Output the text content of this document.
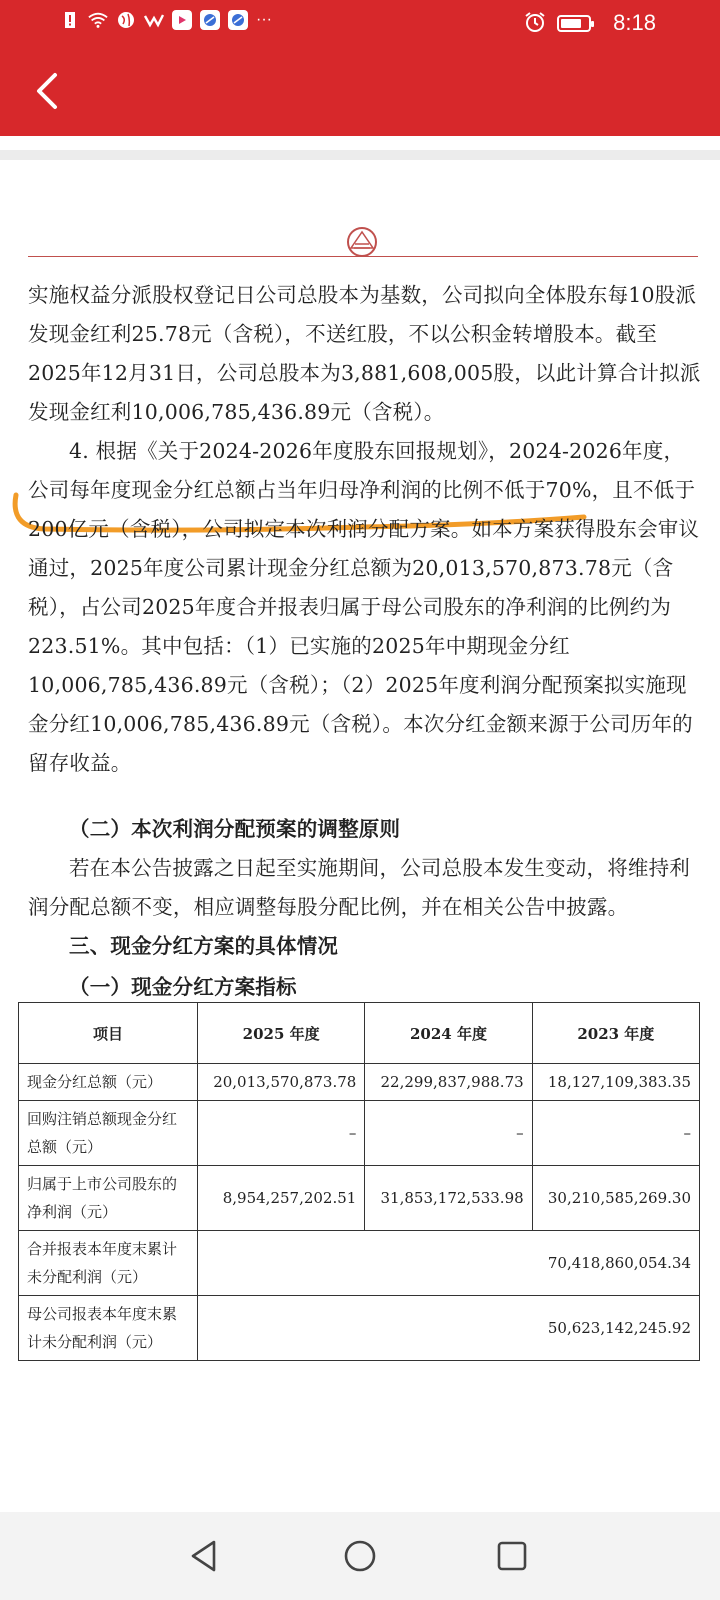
···	8:18

实施权益分派股权登记日公司总股本为基数，公司拟向全体股东每10股派发现金红利25.78元（含税），不送红股，不以公积金转增股本。截至2025年12月31日，公司总股本为3,881,608,005股，以此计算合计拟派发现金红利10,006,785,436.89元（含税）。

4. 根据《关于2024-2026年度股东回报规划》，2024-2026年度，公司每年度现金分红总额占当年归母净利润的比例不低于70%，且不低于200亿元（含税），公司拟定本次利润分配方案。如本方案获得股东会审议通过，2025年度公司累计现金分红总额为20,013,570,873.78元（含税），占公司2025年度合并报表归属于母公司股东的净利润的比例约为223.51%。其中包括：（1）已实施的2025年中期现金分红10,006,785,436.89元（含税）；（2）2025年度利润分配预案拟实施现金分红10,006,785,436.89元（含税）。本次分红金额来源于公司历年的留存收益。

（二）本次利润分配预案的调整原则

若在本公告披露之日起至实施期间，公司总股本发生变动，将维持利润分配总额不变，相应调整每股分配比例，并在相关公告中披露。

三、现金分红方案的具体情况
（一）现金分红方案指标
项目	2025 年度	2024 年度	2023 年度
现金分红总额（元）	20,013,570,873.78	22,299,837,988.73	18,127,109,383.35
回购注销总额现金分红总额（元）	–	–	–
归属于上市公司股东的净利润（元）	8,954,257,202.51	31,853,172,533.98	30,210,585,269.30
合并报表本年度末累计未分配利润（元）	70,418,860,054.34		
母公司报表本年度末累计未分配利润（元）	50,623,142,245.92		
